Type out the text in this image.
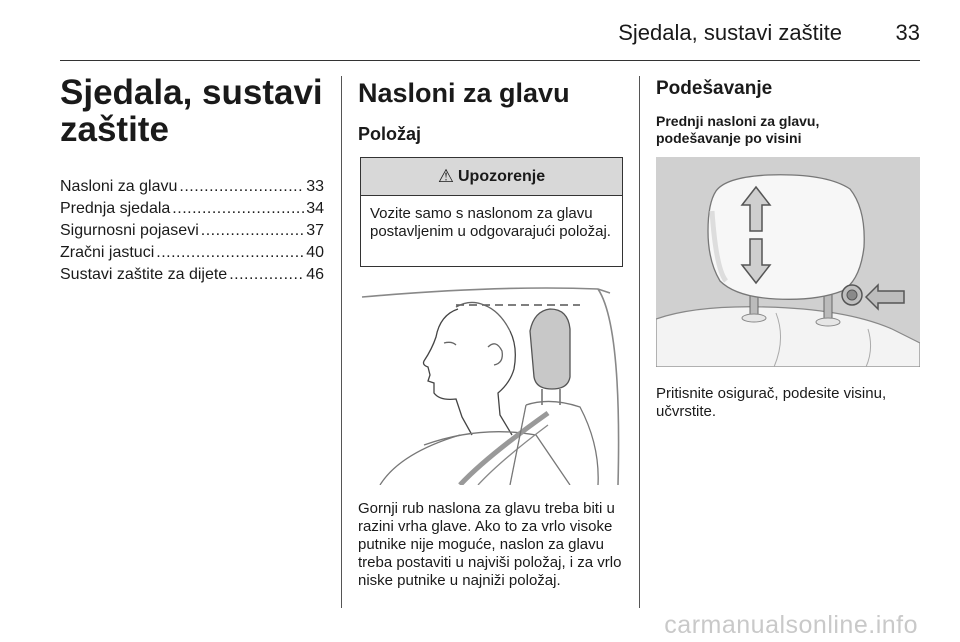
Sjedala, sustavi zaštite 33
Sjedala, sustavi zaštite
Nasloni za glavu .....	33
Prednja sjedala .....	34
Sigurnosni pojasevi .....	37
Zračni jastuci .....	40
Sustavi zaštite za dijete .....	46
Nasloni za glavu
Položaj
⚠ Upozorenje
Vozite samo s naslonom za glavu postavljenim u odgovarajući položaj.
Gornji rub naslona za glavu treba biti u razini vrha glave. Ako to za vrlo visoke putnike nije moguće, naslon za glavu treba postaviti u najviši položaj, i za vrlo niske putnike u najniži položaj.
Podešavanje
Prednji nasloni za glavu, podešavanje po visini
Pritisnite osigurač, podesite visinu, učvrstite.
carmanualsonline.info
